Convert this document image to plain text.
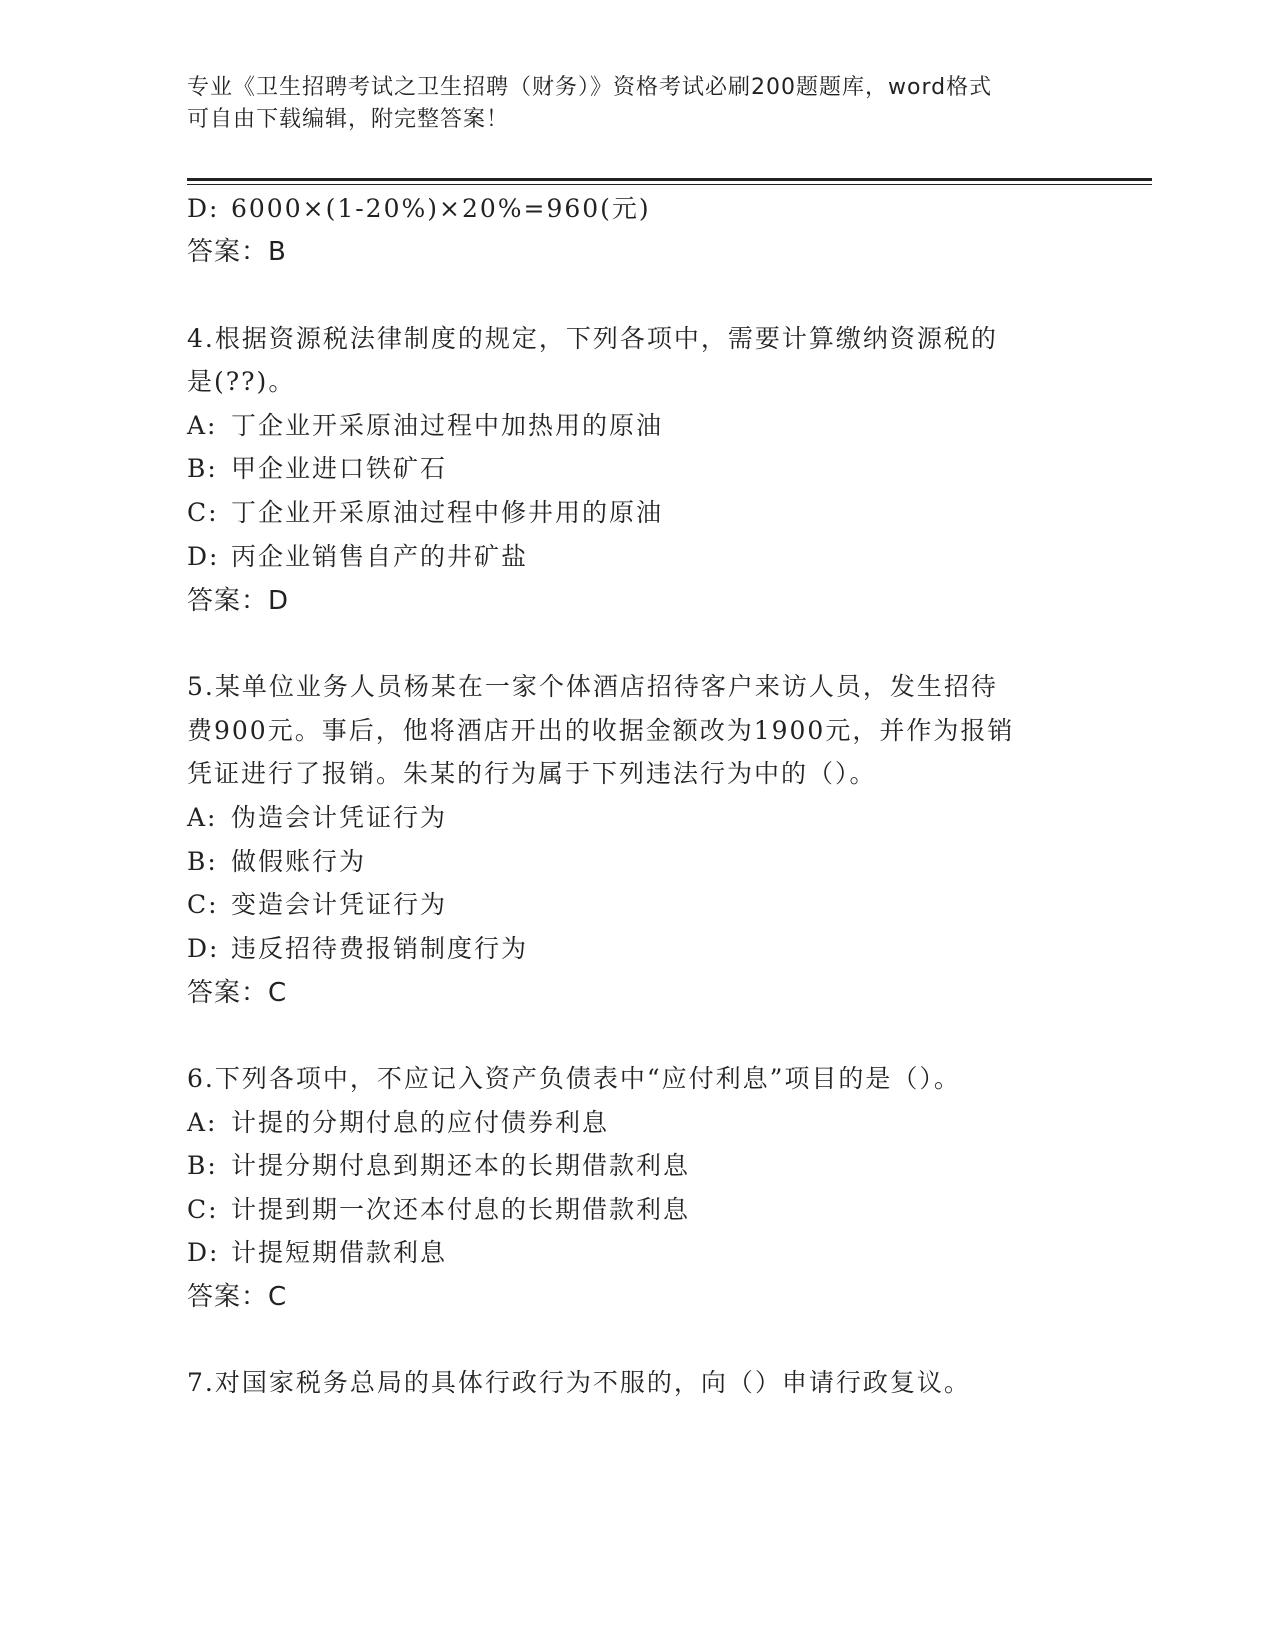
专业《卫生招聘考试之卫生招聘（财务）》资格考试必刷200题题库，word格式
可自由下载编辑，附完整答案！
D: 6000×(1-20%)×20%=960(元)
答案：B
4.根据资源税法律制度的规定，下列各项中，需要计算缴纳资源税的
是(??)。
A: 丁企业开采原油过程中加热用的原油
B: 甲企业进口铁矿石
C: 丁企业开采原油过程中修井用的原油
D: 丙企业销售自产的井矿盐
答案：D
5.某单位业务人员杨某在一家个体酒店招待客户来访人员，发生招待
费900元。事后，他将酒店开出的收据金额改为1900元，并作为报销
凭证进行了报销。朱某的行为属于下列违法行为中的（）。
A: 伪造会计凭证行为
B: 做假账行为
C: 变造会计凭证行为
D: 违反招待费报销制度行为
答案：C
6.下列各项中，不应记入资产负债表中“应付利息”项目的是（）。
A: 计提的分期付息的应付债券利息
B: 计提分期付息到期还本的长期借款利息
C: 计提到期一次还本付息的长期借款利息
D: 计提短期借款利息
答案：C
7.对国家税务总局的具体行政行为不服的，向（）申请行政复议。
